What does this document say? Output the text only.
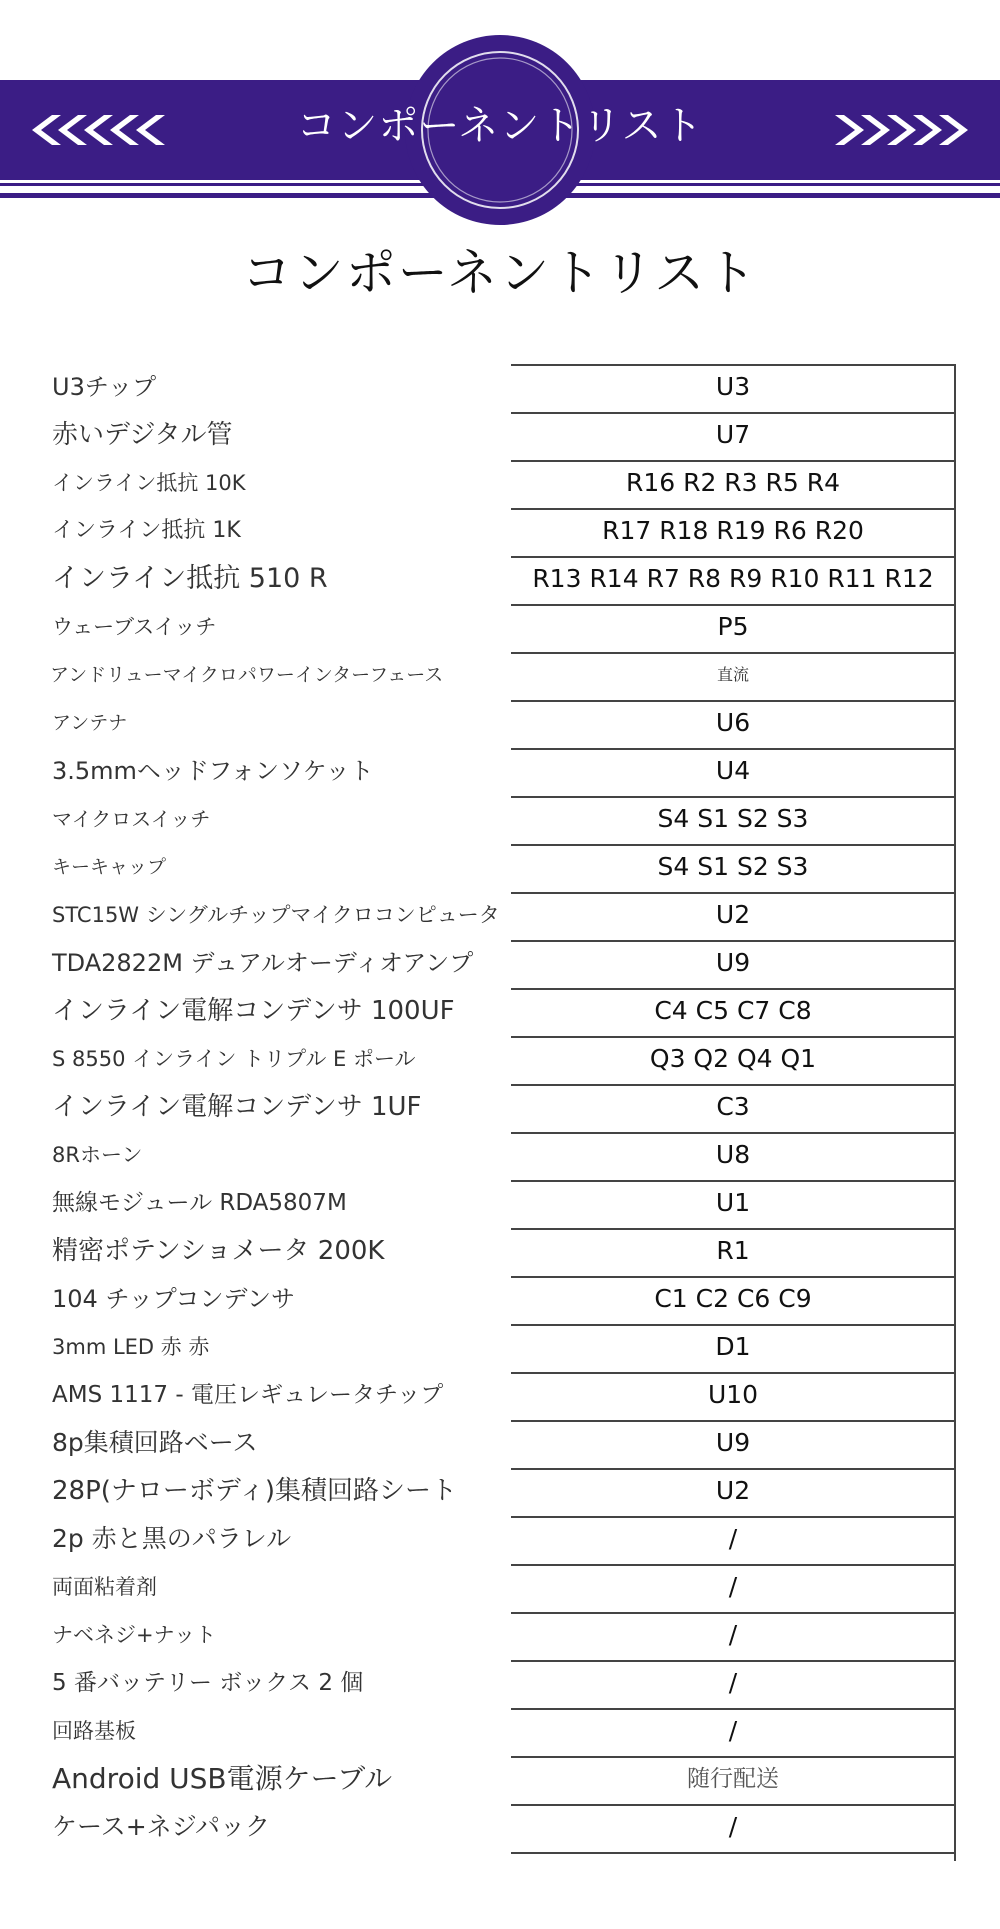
コンポーネントリスト
コンポーネントリスト
U3チップ	U3
赤いデジタル管	U7
インライン抵抗 10K	R16 R2 R3 R5 R4
インライン抵抗 1K	R17 R18 R19 R6 R20
インライン抵抗 510 R	R13 R14 R7 R8 R9 R10 R11 R12
ウェーブスイッチ	P5
アンドリューマイクロパワーインターフェース	直流
アンテナ	U6
3.5mmヘッドフォンソケット	U4
マイクロスイッチ	S4 S1 S2 S3
キーキャップ	S4 S1 S2 S3
STC15W シングルチップマイクロコンピュータ	U2
TDA2822M デュアルオーディオアンプ	U9
インライン電解コンデンサ 100UF	C4 C5 C7 C8
S 8550 インライン トリプル E ポール	Q3 Q2 Q4 Q1
インライン電解コンデンサ 1UF	C3
8Rホーン	U8
無線モジュール RDA5807M	U1
精密ポテンショメータ 200K	R1
104 チップコンデンサ	C1 C2 C6 C9
3mm LED 赤 赤	D1
AMS 1117 - 電圧レギュレータチップ	U10
8p集積回路ベース	U9
28P(ナローボディ)集積回路シート	U2
2p 赤と黒のパラレル	/
両面粘着剤	/
ナベネジ+ナット	/
5 番バッテリー ボックス 2 個	/
回路基板	/
Android USB電源ケーブル	随行配送
ケース+ネジパック	/
